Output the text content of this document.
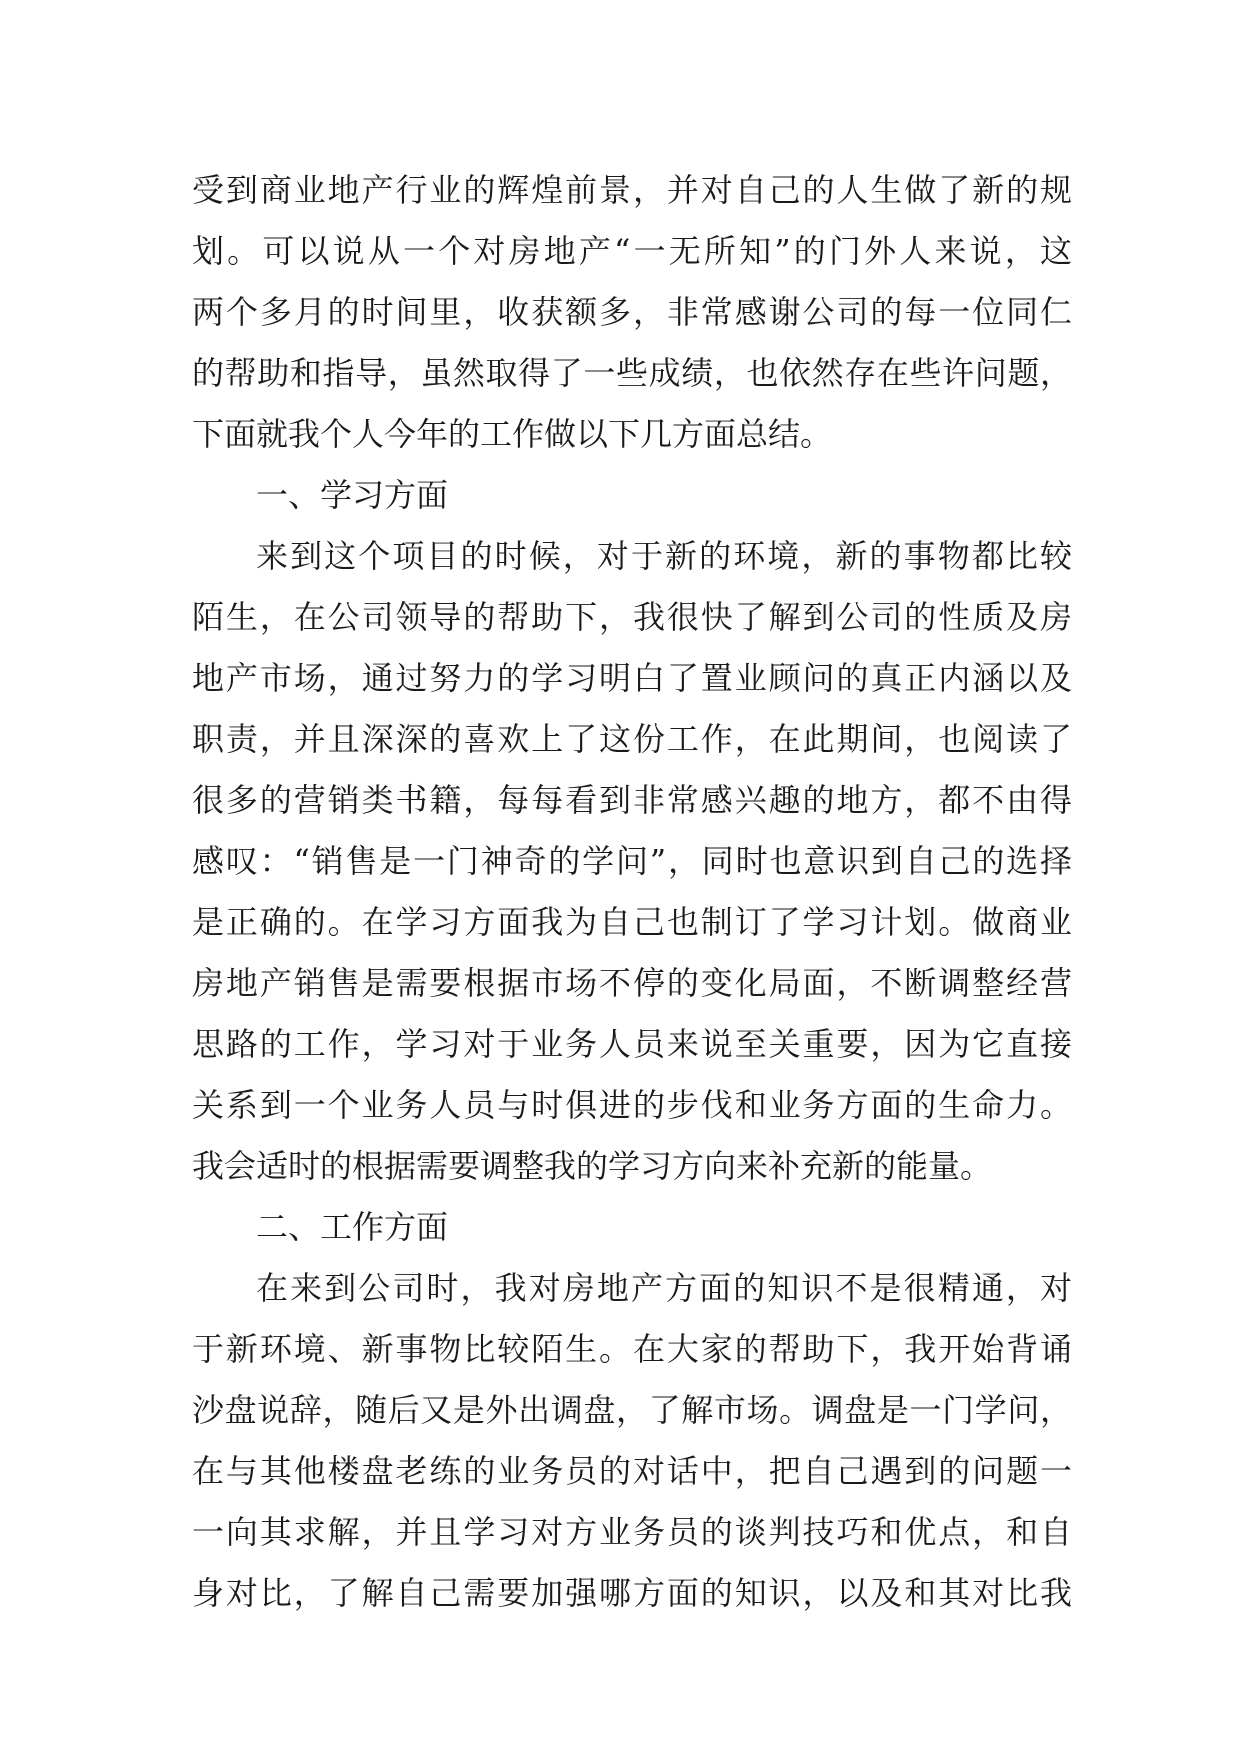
受到商业地产行业的辉煌前景，并对自己的人生做了新的规
划。可以说从一个对房地产“一无所知”的门外人来说，这
两个多月的时间里，收获额多，非常感谢公司的每一位同仁
的帮助和指导，虽然取得了一些成绩，也依然存在些许问题，
下面就我个人今年的工作做以下几方面总结。
一、学习方面
来到这个项目的时候，对于新的环境，新的事物都比较
陌生，在公司领导的帮助下，我很快了解到公司的性质及房
地产市场，通过努力的学习明白了置业顾问的真正内涵以及
职责，并且深深的喜欢上了这份工作，在此期间，也阅读了
很多的营销类书籍，每每看到非常感兴趣的地方，都不由得
感叹：“销售是一门神奇的学问”，同时也意识到自己的选择
是正确的。在学习方面我为自己也制订了学习计划。做商业
房地产销售是需要根据市场不停的变化局面，不断调整经营
思路的工作，学习对于业务人员来说至关重要，因为它直接
关系到一个业务人员与时俱进的步伐和业务方面的生命力。
我会适时的根据需要调整我的学习方向来补充新的能量。
二、工作方面
在来到公司时，我对房地产方面的知识不是很精通，对
于新环境、新事物比较陌生。在大家的帮助下，我开始背诵
沙盘说辞，随后又是外出调盘，了解市场。调盘是一门学问，
在与其他楼盘老练的业务员的对话中，把自己遇到的问题一
一向其求解，并且学习对方业务员的谈判技巧和优点，和自
身对比，了解自己需要加强哪方面的知识，以及和其对比我
